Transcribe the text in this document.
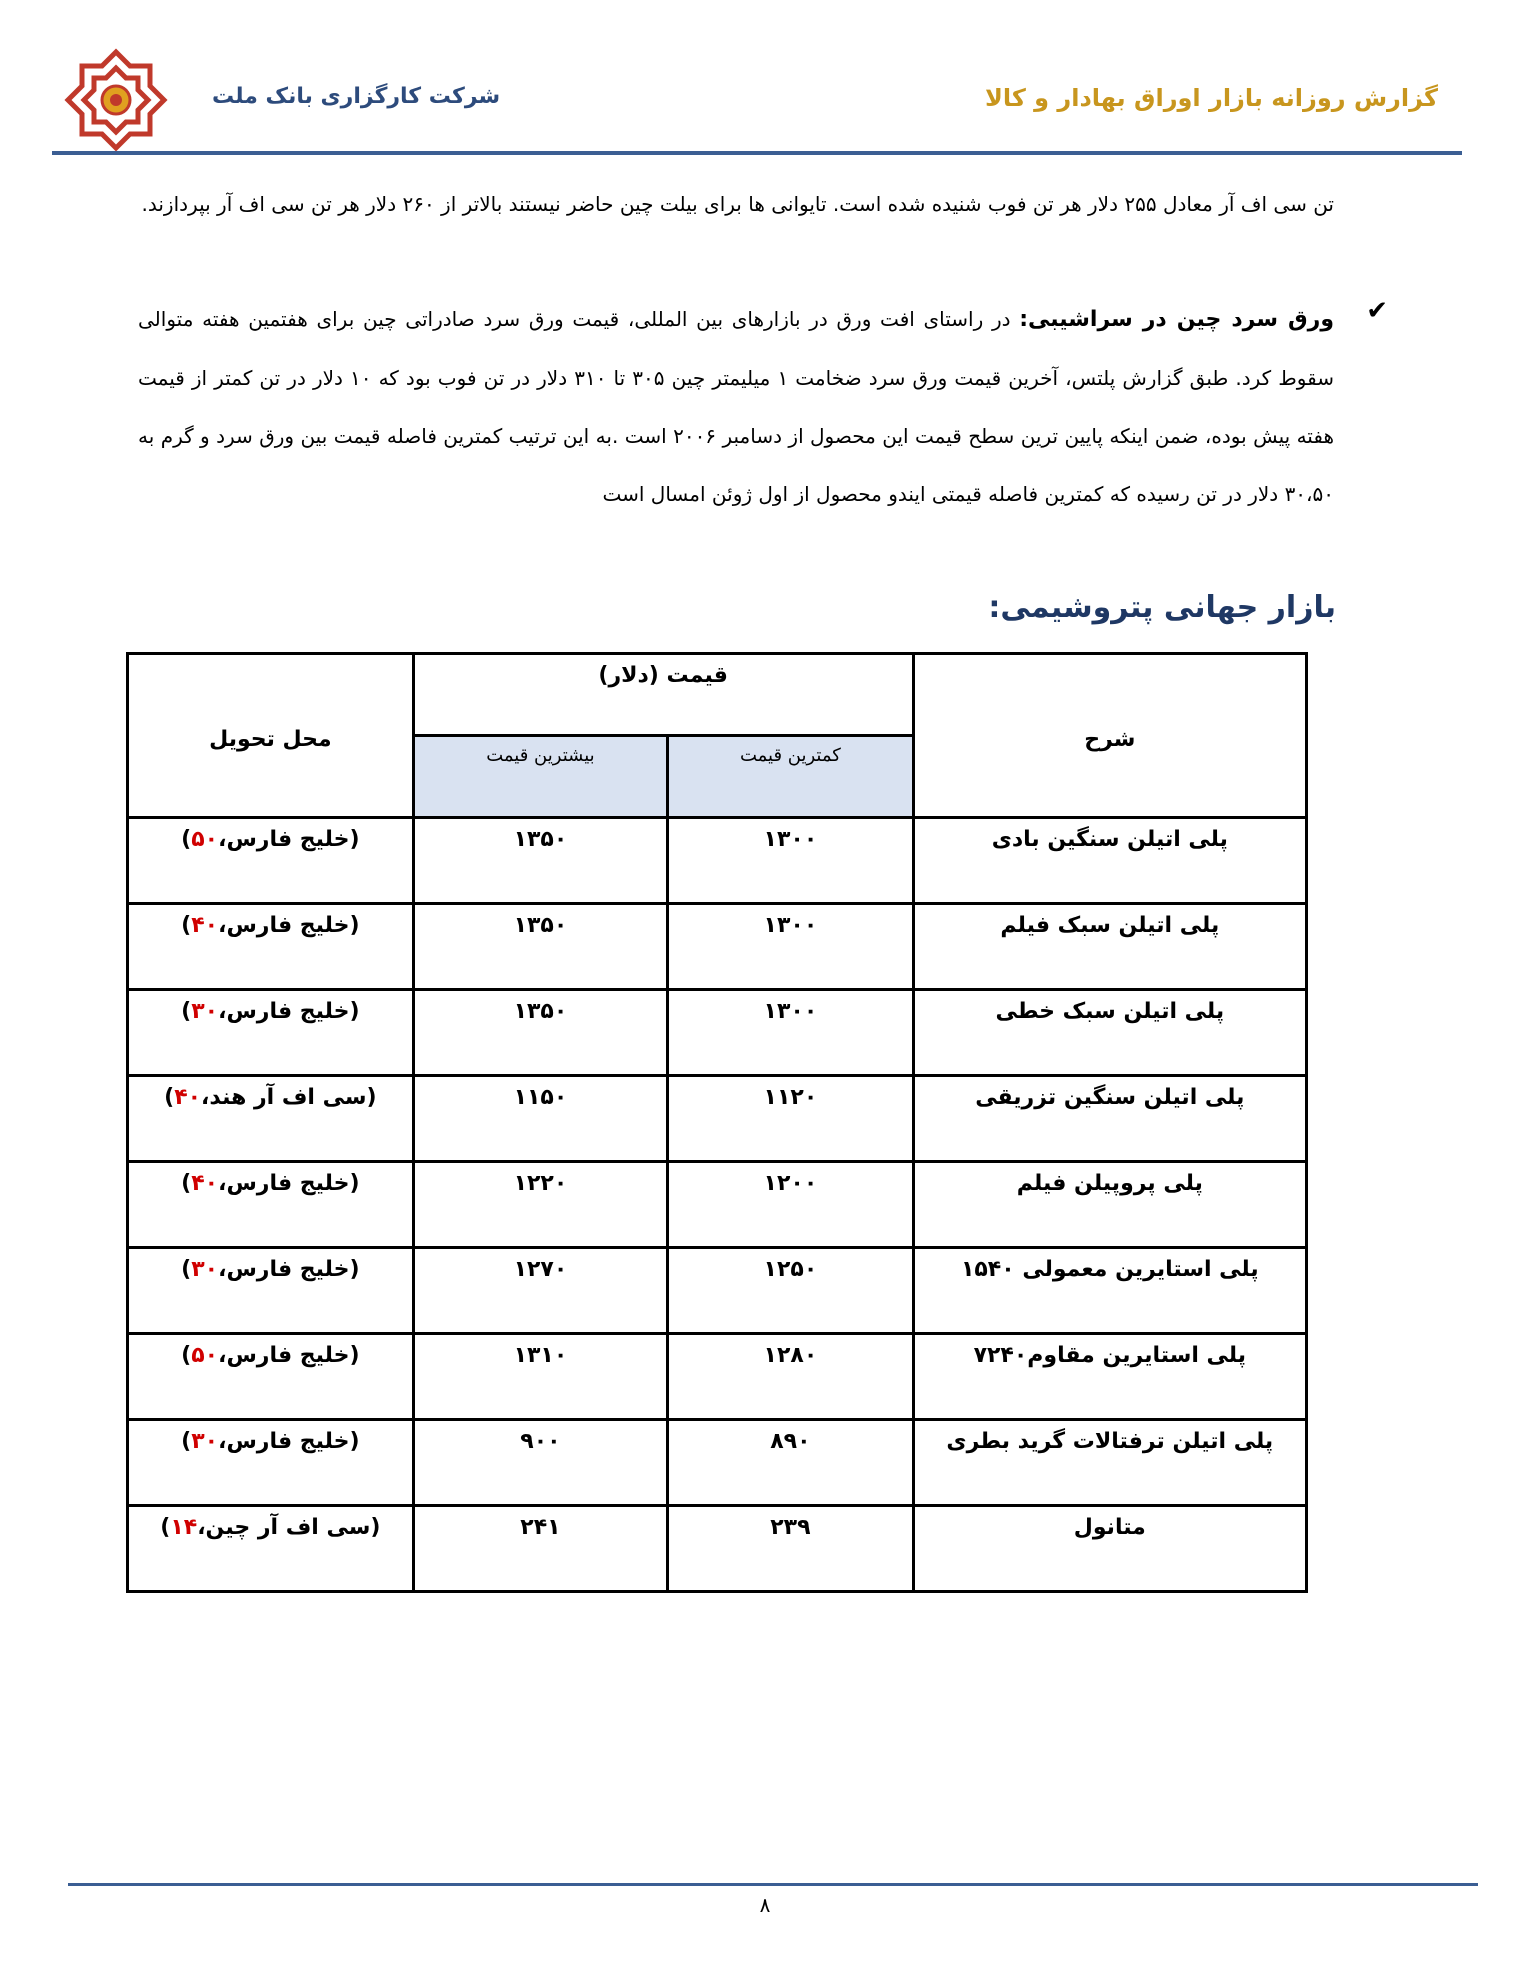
شرکت کارگزاری بانک ملت	گزارش روزانه بازار اوراق بهادار و کالا
تن سی اف آر معادل ۲۵۵ دلار هر تن فوب شنیده شده است. تایوانی ها برای بیلت چین حاضر نیستند بالاتر از ۲۶۰ دلار هر تن سی اف آر بپردازند.
✔
ورق سرد چین در سراشیبی: در راستای افت ورق در بازارهای بین المللی، قیمت ورق سرد صادراتی چین برای هفتمین هفته متوالی سقوط کرد. طبق گزارش پلتس، آخرین قیمت ورق سرد ضخامت ۱ میلیمتر چین ۳۰۵ تا ۳۱۰ دلار در تن فوب بود که ۱۰ دلار در تن کمتر از قیمت هفته پیش بوده، ضمن اینکه پایین ترین سطح قیمت این محصول از دسامبر ۲۰۰۶ است .به این ترتیب کمترین فاصله قیمت بین ورق سرد و گرم به ۳۰،۵۰ دلار در تن رسیده که کمترین فاصله قیمتی ایندو محصول از اول ژوئن امسال است
بازار جهانی پتروشیمی:
شرح	قیمت (دلار)		محل تحویل
	کمترین قیمت	بیشترین قیمت	
پلی اتیلن سنگین بادی	۱۳۰۰	۱۳۵۰	(خلیج فارس،۵۰)
پلی اتیلن سبک فیلم	۱۳۰۰	۱۳۵۰	(خلیج فارس،۴۰)
پلی اتیلن سبک خطی	۱۳۰۰	۱۳۵۰	(خلیج فارس،۳۰)
پلی اتیلن سنگین تزریقی	۱۱۲۰	۱۱۵۰	(سی اف آر هند،۴۰)
پلی پروپیلن فیلم	۱۲۰۰	۱۲۲۰	(خلیج فارس،۴۰)
پلی استایرین معمولی ۱۵۴۰	۱۲۵۰	۱۲۷۰	(خلیج فارس،۳۰)
پلی استایرین مقاوم۷۲۴۰	۱۲۸۰	۱۳۱۰	(خلیج فارس،۵۰)
پلی اتیلن ترفتالات گرید بطری	۸۹۰	۹۰۰	(خلیج فارس،۳۰)
متانول	۲۳۹	۲۴۱	(سی اف آر چین،۱۴)
۸
